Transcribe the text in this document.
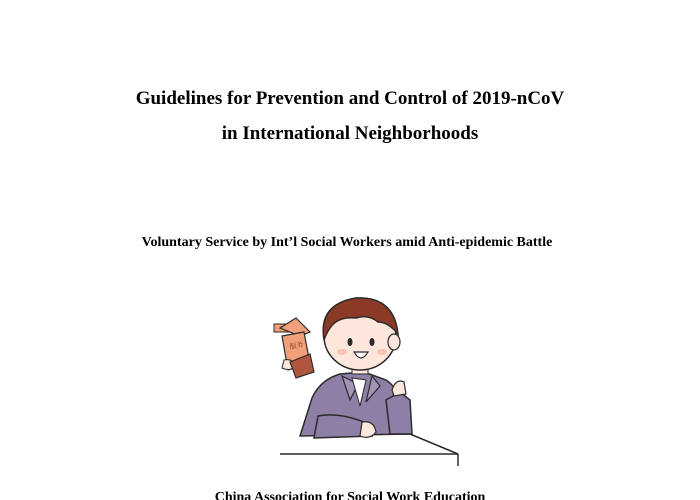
Guidelines for Prevention and Control of 2019-nCoV
in International Neighborhoods
Voluntary Service by Int’l Social Workers amid Anti-epidemic Battle
服务
China Association for Social Work Education
